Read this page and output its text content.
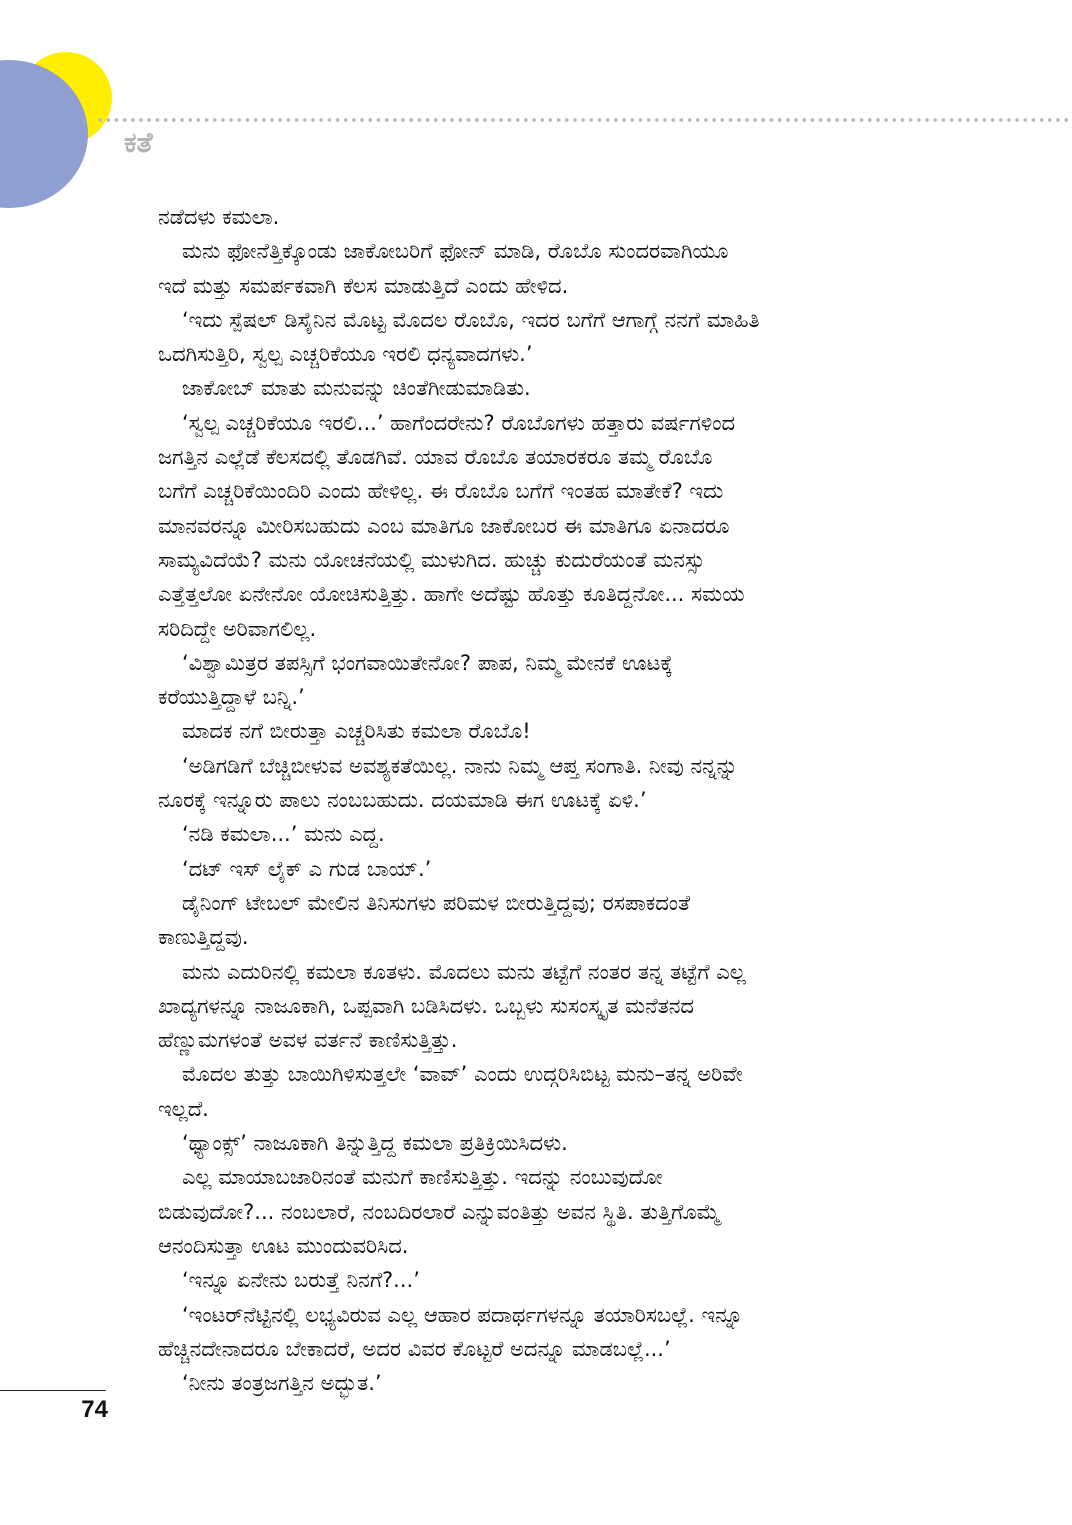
ಕತೆ
ನಡೆದಳು ಕಮಲಾ.
ಮನು ಫೋನೆತ್ತಿಕ್ಕೊಂಡು ಜಾಕೋಬರಿಗೆ ಫೋನ್ ಮಾಡಿ, ರೊಬೊ ಸುಂದರವಾಗಿಯೂ
ಇದೆ ಮತ್ತು ಸಮರ್ಪಕವಾಗಿ ಕೆಲಸ ಮಾಡುತ್ತಿದೆ ಎಂದು ಹೇಳಿದ.
‘ಇದು ಸ್ಪೆಷಲ್ ಡಿಸೈನಿನ ಮೊಟ್ಟ ಮೊದಲ ರೊಬೊ, ಇದರ ಬಗೆಗೆ ಆಗಾಗ್ಗೆ ನನಗೆ ಮಾಹಿತಿ
ಒದಗಿಸುತ್ತಿರಿ, ಸ್ವಲ್ಪ ಎಚ್ಚರಿಕೆಯೂ ಇರಲಿ ಧನ್ಯವಾದಗಳು.’
ಜಾಕೋಬ್ ಮಾತು ಮನುವನ್ನು ಚಿಂತೆಗೀಡುಮಾಡಿತು.
‘ಸ್ವಲ್ಪ ಎಚ್ಚರಿಕೆಯೂ ಇರಲಿ...’ ಹಾಗೆಂದರೇನು? ರೊಬೊಗಳು ಹತ್ತಾರು ವರ್ಷಗಳಿಂದ
ಜಗತ್ತಿನ ಎಲ್ಲೆಡೆ ಕೆಲಸದಲ್ಲಿ ತೊಡಗಿವೆ. ಯಾವ ರೊಬೊ ತಯಾರಕರೂ ತಮ್ಮ ರೊಬೊ
ಬಗೆಗೆ ಎಚ್ಚರಿಕೆಯಿಂದಿರಿ ಎಂದು ಹೇಳಿಲ್ಲ. ಈ ರೊಬೊ ಬಗೆಗೆ ಇಂತಹ ಮಾತೇಕೆ? ಇದು
ಮಾನವರನ್ನೂ ಮೀರಿಸಬಹುದು ಎಂಬ ಮಾತಿಗೂ ಜಾಕೋಬರ ಈ ಮಾತಿಗೂ ಏನಾದರೂ
ಸಾಮ್ಯವಿದೆಯೆ? ಮನು ಯೋಚನೆಯಲ್ಲಿ ಮುಳುಗಿದ. ಹುಚ್ಚು ಕುದುರೆಯಂತೆ ಮನಸ್ಸು
ಎತ್ತೆತ್ತಲೋ ಏನೇನೋ ಯೋಚಿಸುತ್ತಿತ್ತು. ಹಾಗೇ ಅದೆಷ್ಟು ಹೊತ್ತು ಕೂತಿದ್ದನೋ... ಸಮಯ
ಸರಿದಿದ್ದೇ ಅರಿವಾಗಲಿಲ್ಲ.
‘ವಿಶ್ವಾಮಿತ್ರರ ತಪಸ್ಸಿಗೆ ಭಂಗವಾಯಿತೇನೋ? ಪಾಪ, ನಿಮ್ಮ ಮೇನಕೆ ಊಟಕ್ಕೆ
ಕರೆಯುತ್ತಿದ್ದಾಳೆ ಬನ್ನಿ.’
ಮಾದಕ ನಗೆ ಬೀರುತ್ತಾ ಎಚ್ಚರಿಸಿತು ಕಮಲಾ ರೊಬೊ!
‘ಅಡಿಗಡಿಗೆ ಬೆಚ್ಚಿಬೀಳುವ ಅವಶ್ಯಕತೆಯಿಲ್ಲ. ನಾನು ನಿಮ್ಮ ಆಪ್ತ ಸಂಗಾತಿ. ನೀವು ನನ್ನನ್ನು
ನೂರಕ್ಕೆ ಇನ್ನೂರು ಪಾಲು ನಂಬಬಹುದು. ದಯಮಾಡಿ ಈಗ ಊಟಕ್ಕೆ ಏಳಿ.’
‘ನಡಿ ಕಮಲಾ...’ ಮನು ಎದ್ದ.
‘ದಟ್ ಇಸ್ ಲೈಕ್ ಎ ಗುಡ ಬಾಯ್.’
ಡೈನಿಂಗ್ ಟೇಬಲ್ ಮೇಲಿನ ತಿನಿಸುಗಳು ಪರಿಮಳ ಬೀರುತ್ತಿದ್ದವು; ರಸಪಾಕದಂತೆ
ಕಾಣುತ್ತಿದ್ದವು.
ಮನು ಎದುರಿನಲ್ಲಿ ಕಮಲಾ ಕೂತಳು. ಮೊದಲು ಮನು ತಟ್ಟೆಗೆ ನಂತರ ತನ್ನ ತಟ್ಟೆಗೆ ಎಲ್ಲ
ಖಾದ್ಯಗಳನ್ನೂ ನಾಜೂಕಾಗಿ, ಒಪ್ಪವಾಗಿ ಬಡಿಸಿದಳು. ಒಬ್ಬಳು ಸುಸಂಸ್ಕೃತ ಮನೆತನದ
ಹೆಣ್ಣುಮಗಳಂತೆ ಅವಳ ವರ್ತನೆ ಕಾಣಿಸುತ್ತಿತ್ತು.
ಮೊದಲ ತುತ್ತು ಬಾಯಿಗಿಳಿಸುತ್ತಲೇ ‘ವಾವ್’ ಎಂದು ಉದ್ಗರಿಸಿಬಿಟ್ಟ ಮನು–ತನ್ನ ಅರಿವೇ
ಇಲ್ಲದೆ.
‘ಥ್ಯಾಂಕ್ಸ್’ ನಾಜೂಕಾಗಿ ತಿನ್ನುತ್ತಿದ್ದ ಕಮಲಾ ಪ್ರತಿಕ್ರಿಯಿಸಿದಳು.
ಎಲ್ಲ ಮಾಯಾಬಜಾರಿನಂತೆ ಮನುಗೆ ಕಾಣಿಸುತ್ತಿತ್ತು. ಇದನ್ನು ನಂಬುವುದೋ
ಬಿಡುವುದೋ?... ನಂಬಲಾರೆ, ನಂಬದಿರಲಾರೆ ಎನ್ನುವಂತಿತ್ತು ಅವನ ಸ್ಥಿತಿ. ತುತ್ತಿಗೊಮ್ಮೆ
ಆನಂದಿಸುತ್ತಾ ಊಟ ಮುಂದುವರಿಸಿದ.
‘ಇನ್ನೂ ಏನೇನು ಬರುತ್ತೆ ನಿನಗೆ?...’
‘ಇಂಟರ್‌ನೆಟ್ಟಿನಲ್ಲಿ ಲಭ್ಯವಿರುವ ಎಲ್ಲ ಆಹಾರ ಪದಾರ್ಥಗಳನ್ನೂ ತಯಾರಿಸಬಲ್ಲೆ. ಇನ್ನೂ
ಹೆಚ್ಚಿನದೇನಾದರೂ ಬೇಕಾದರೆ, ಅದರ ವಿವರ ಕೊಟ್ಟರೆ ಅದನ್ನೂ ಮಾಡಬಲ್ಲೆ...’
‘ನೀನು ತಂತ್ರಜಗತ್ತಿನ ಅದ್ಭುತ.’
74
